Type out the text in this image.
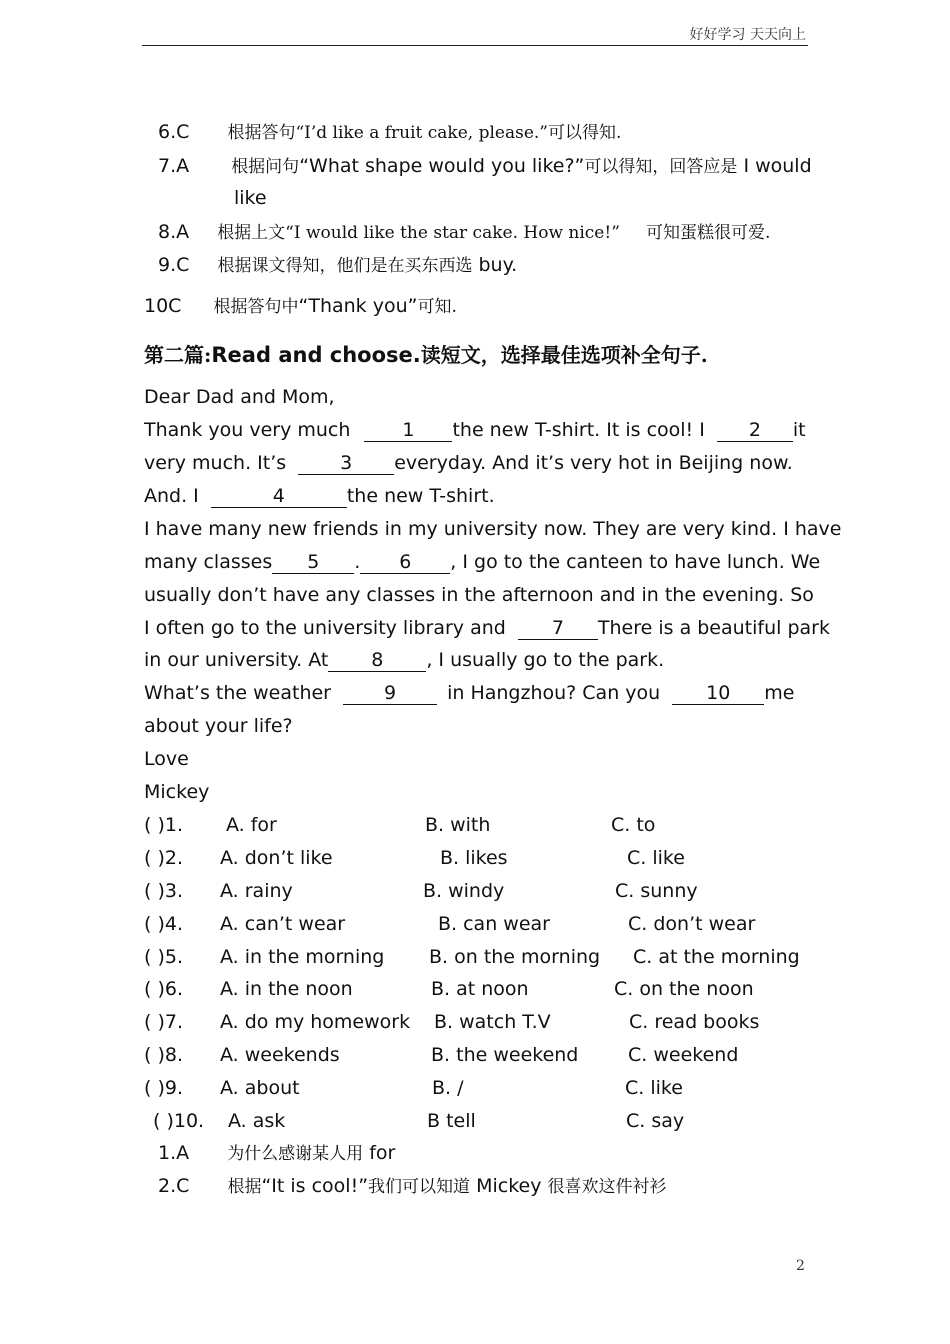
好好学习 天天向上
6.C 根据答句“I’d like a fruit cake, please.”可以得知.
7.A 根据问句“What shape would you like?”可以得知，回答应是 I would
like
8.A 根据上文“I would like the star cake. How nice!” 可知蛋糕很可爱.
9.C 根据课文得知，他们是在买东西选 buy.
10C 根据答句中“Thank you”可知.
第二篇:Read and choose.读短文，选择最佳选项补全句子.
Dear Dad and Mom,
Thank you very much	1 the new T-shirt. It is cool! I 2 it
very much. It’s	3 everyday. And it’s very hot in Beijing now.
And. I	4	the new T-shirt.
I have many new friends in my university now. They are very kind. I have
many classes 5 . 6 , I go to the canteen to have lunch. We
usually don’t have any classes in the afternoon and in the evening. So
I often go to the university library and 7 There is a beautiful park
in our university. At 8 , I usually go to the park.
What’s the weather	9	in Hangzhou? Can you 10 me
about your life?
Love
Mickey
( )1. A. for	B. with	C. to
( )2. A. don’t like	B. likes	C. like
( )3. A. rainy	B. windy	C. sunny
( )4. A. can’t wear	B. can wear	C. don’t wear
( )5. A. in the morning B. on the morning C. at the morning
( )6. A. in the noon	B. at noon	C. on the noon
( )7. A. do my homework B. watch T.V	C. read books
( )8. A. weekends	B. the weekend	C. weekend
( )9. A. about	B. /	C. like
( )10. A. ask	B tell	C. say
1.A 为什么感谢某人用 for
2.C 根据“It is cool!”我们可以知道 Mickey 很喜欢这件衬衫
2
